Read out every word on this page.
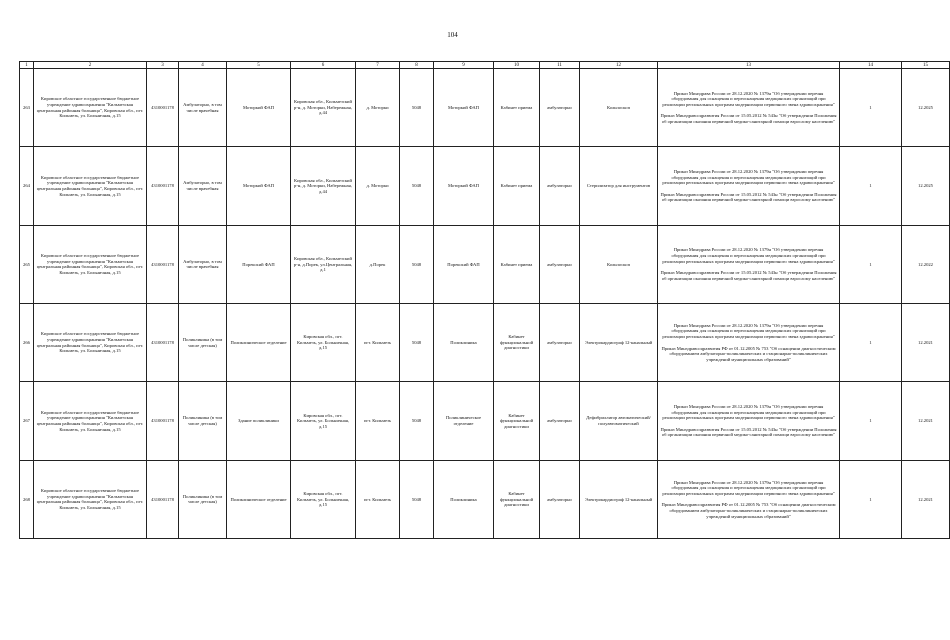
104
1	2	3	4	5	6	7	8	9	10	11	12	13	14	15
263	Кировское областное государственное бюджетное учреждение здравоохранения "Кильмезская центральная районная больница", Кировская обл., пгт. Кильмезь, ул. Больничная, д.15	4310001178	Амбулаторно, в том числе врачебная	Моторкий ФАП	Кировская обл., Кильмезский р-н, д. Моторки, Набережная, д.44	д. Моторки	5048	Моторкий ФАП	Кабинет приема	амбулаторно	Кольпоскоп	Приказ Минздрава России от 28.12.2020 № 1379н "Об утверждении перечня оборудования для оснащения и переоснащения медицинских организаций при реализации региональных программ модернизации первичного звена здравоохранения"
Приказ Минздравсоцразвития России от 15.05.2012 № 543н "Об утверждении Положения об организации оказания первичной медико-санитарной помощи взрослому населению"	1	12.2025
264	Кировское областное государственное бюджетное учреждение здравоохранения "Кильмезская центральная районная больница", Кировская обл., пгт. Кильмезь, ул. Больничная, д.15	4310001178	Амбулаторно, в том числе врачебная	Моторкий ФАП	Кировская обл., Кильмезский р-н, д. Моторки, Набережная, д.44	д. Моторки	5048	Моторкий ФАП	Кабинет приема	амбулаторно	Стерилизатор для инструментов	Приказ Минздрава России от 28.12.2020 № 1379н "Об утверждении перечня оборудования для оснащения и переоснащения медицинских организаций при реализации региональных программ модернизации первичного звена здравоохранения"
Приказ Минздравсоцразвития России от 15.05.2012 № 543н "Об утверждении Положения об организации оказания первичной медико-санитарной помощи взрослому населению"	1	12.2025
265	Кировское областное государственное бюджетное учреждение здравоохранения "Кильмезская центральная районная больница", Кировская обл., пгт. Кильмезь, ул. Больничная, д.15	4310001178	Амбулаторно, в том числе врачебная	Порекский ФАП	Кировская обл., Кильмезский р-н, д.Порек, ул.Центральная, д.1	д.Порек	5048	Порекский ФАП	Кабинет приема	амбулаторно	Кольпоскоп	Приказ Минздрава России от 28.12.2020 № 1379н "Об утверждении перечня оборудования для оснащения и переоснащения медицинских организаций при реализации региональных программ модернизации первичного звена здравоохранения"
Приказ Минздравсоцразвития России от 15.05.2012 № 543н "Об утверждении Положения об организации оказания первичной медико-санитарной помощи взрослому населению"	1	12.2022
266	Кировское областное государственное бюджетное учреждение здравоохранения "Кильмезская центральная районная больница", Кировская обл., пгт. Кильмезь, ул. Больничная, д.15	4310001178	Поликлиника (в том числе детская)	Поликлиническое отделение	Кировская обл., пгт. Кильмезь, ул. Больничная, д.15	пгт. Кильмезь	5048	Поликлиника	Кабинет функциональной диагностики	амбулаторно	Электрокардиограф 12-канальный	Приказ Минздрава России от 28.12.2020 № 1379н "Об утверждении перечня оборудования для оснащения и переоснащения медицинских организаций при реализации региональных программ модернизации первичного звена здравоохранения"
Приказ Минздравсоцразвития РФ от 01.12.2005 № 753 "Об оснащении диагностическим оборудованием амбулаторно-поликлинических и стационарно-поликлинических учреждений муниципальных образований"	1	12.2021
267	Кировское областное государственное бюджетное учреждение здравоохранения "Кильмезская центральная районная больница", Кировская обл., пгт. Кильмезь, ул. Больничная, д.15	4310001178	Поликлиника (в том числе детская)	Здание поликлиники	Кировская обл., пгт. Кильмезь, ул. Больничная, д.15	пгт. Кильмезь	5048	Поликлиническое отделение	Кабинет функциональной диагностики	амбулаторно	Дефибриллятор автоматический/полуавтоматический	Приказ Минздрава России от 28.12.2020 № 1379н "Об утверждении перечня оборудования для оснащения и переоснащения медицинских организаций при реализации региональных программ модернизации первичного звена здравоохранения"
Приказ Минздравсоцразвития России от 15.05.2012 № 543н "Об утверждении Положения об организации оказания первичной медико-санитарной помощи взрослому населению"	1	12.2021
268	Кировское областное государственное бюджетное учреждение здравоохранения "Кильмезская центральная районная больница", Кировская обл., пгт. Кильмезь, ул. Больничная, д.15	4310001178	Поликлиника (в том числе детская)	Поликлиническое отделение	Кировская обл., пгт. Кильмезь, ул. Больничная, д.15	пгт. Кильмезь	5048	Поликлиника	Кабинет функциональной диагностики	амбулаторно	Электрокардиограф 12-канальный	Приказ Минздрава России от 28.12.2020 № 1379н "Об утверждении перечня оборудования для оснащения и переоснащения медицинских организаций при реализации региональных программ модернизации первичного звена здравоохранения"
Приказ Минздравсоцразвития РФ от 01.12.2005 № 753 "Об оснащении диагностическим оборудованием амбулаторно-поликлинических и стационарно-поликлинических учреждений муниципальных образований"	1	12.2021
